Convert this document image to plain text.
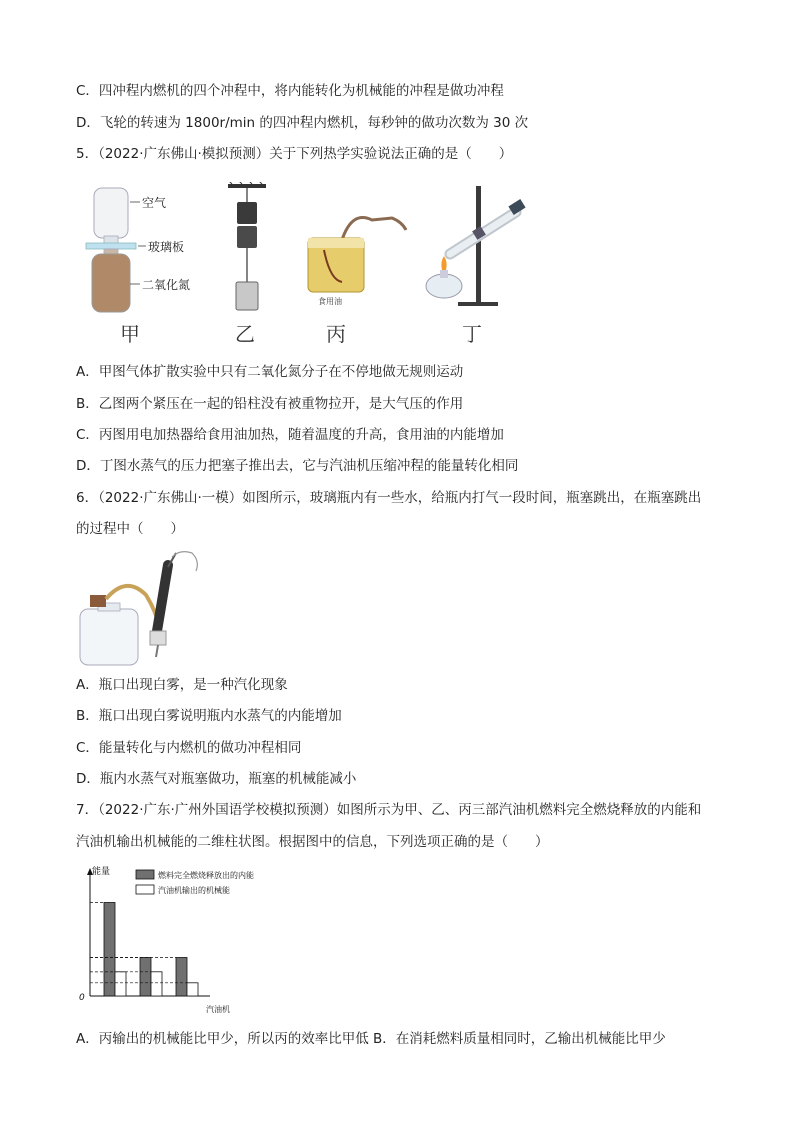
C．四冲程内燃机的四个冲程中，将内能转化为机械能的冲程是做功冲程
D．飞轮的转速为 1800r/min 的四冲程内燃机，每秒钟的做功次数为 30 次
5．（2022·广东佛山·模拟预测）关于下列热学实验说法正确的是（　　）
空气
玻璃板
二氧化氮
甲	乙
食用油
丙	丁
A．甲图气体扩散实验中只有二氧化氮分子在不停地做无规则运动
B．乙图两个紧压在一起的铅柱没有被重物拉开，是大气压的作用
C．丙图用电加热器给食用油加热，随着温度的升高，食用油的内能增加
D．丁图水蒸气的压力把塞子推出去，它与汽油机压缩冲程的能量转化相同
6．（2022·广东佛山·一模）如图所示，玻璃瓶内有一些水，给瓶内打气一段时间，瓶塞跳出，在瓶塞跳出
的过程中（　　）
A．瓶口出现白雾，是一种汽化现象
B．瓶口出现白雾说明瓶内水蒸气的内能增加
C．能量转化与内燃机的做功冲程相同
D．瓶内水蒸气对瓶塞做功，瓶塞的机械能减小
7．（2022·广东·广州外国语学校模拟预测）如图所示为甲、乙、丙三部汽油机燃料完全燃烧释放的内能和
汽油机输出机械能的二维柱状图。根据图中的信息，下列选项正确的是（　　）
能量
0
汽油机
燃料完全燃烧释放出的内能
汽油机输出的机械能
A．丙输出的机械能比甲少，所以丙的效率比甲低 B．在消耗燃料质量相同时，乙输出机械能比甲少
